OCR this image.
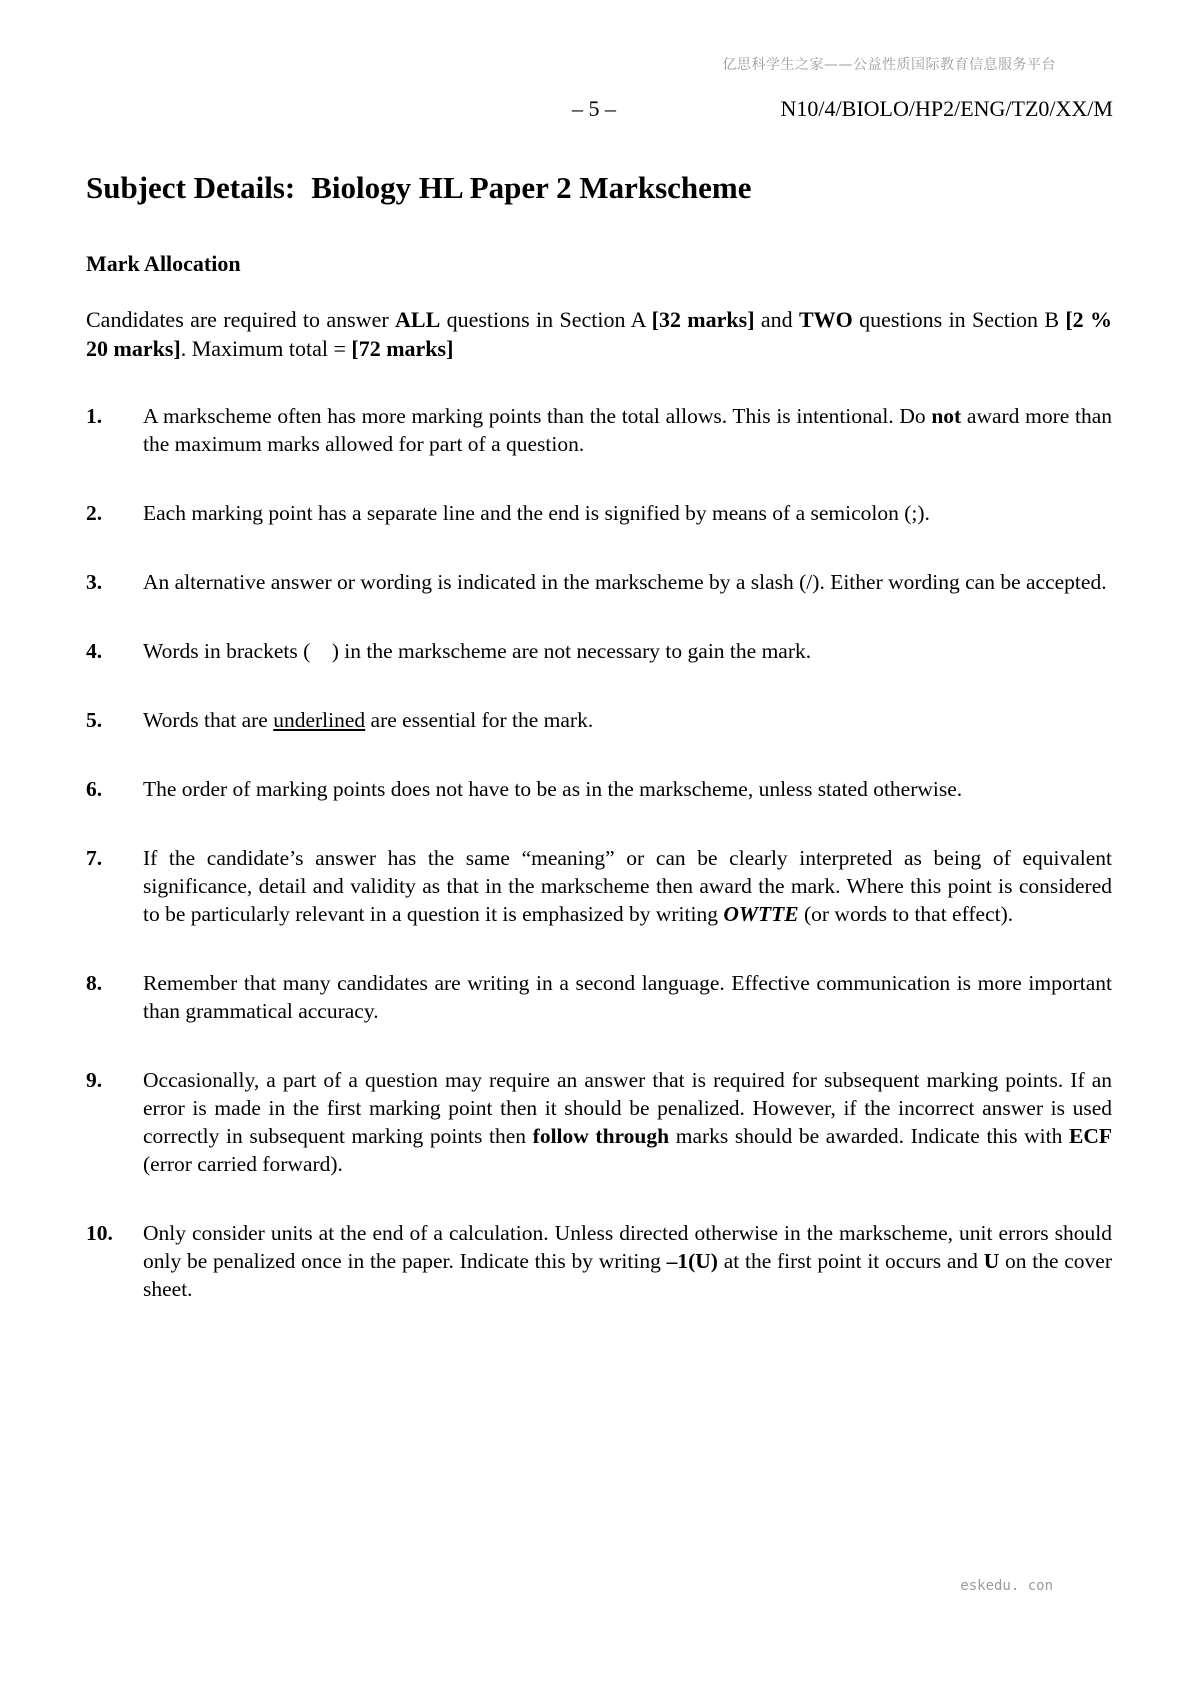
亿思科学生之家——公益性质国际教育信息服务平台
– 5 –	N10/4/BIOLO/HP2/ENG/TZ0/XX/M
Subject Details: Biology HL Paper 2 Markscheme
Mark Allocation

Candidates are required to answer ALL questions in Section A [32 marks] and TWO questions in Section B [2 % 20 marks]. Maximum total = [72 marks]

1. A markscheme often has more marking points than the total allows. This is intentional. Do not award more than the maximum marks allowed for part of a question.
2. Each marking point has a separate line and the end is signified by means of a semicolon (;).
3. An alternative answer or wording is indicated in the markscheme by a slash (/). Either wording can be accepted.
4. Words in brackets (    ) in the markscheme are not necessary to gain the mark.
5. Words that are underlined are essential for the mark.
6. The order of marking points does not have to be as in the markscheme, unless stated otherwise.
7. If the candidate’s answer has the same “meaning” or can be clearly interpreted as being of equivalent significance, detail and validity as that in the markscheme then award the mark. Where this point is considered to be particularly relevant in a question it is emphasized by writing OWTTE (or words to that effect).
8. Remember that many candidates are writing in a second language. Effective communication is more important than grammatical accuracy.
9. Occasionally, a part of a question may require an answer that is required for subsequent marking points. If an error is made in the first marking point then it should be penalized. However, if the incorrect answer is used correctly in subsequent marking points then follow through marks should be awarded. Indicate this with ECF (error carried forward).
10. Only consider units at the end of a calculation. Unless directed otherwise in the markscheme, unit errors should only be penalized once in the paper. Indicate this by writing –1(U) at the first point it occurs and U on the cover sheet.
eskedu. con
